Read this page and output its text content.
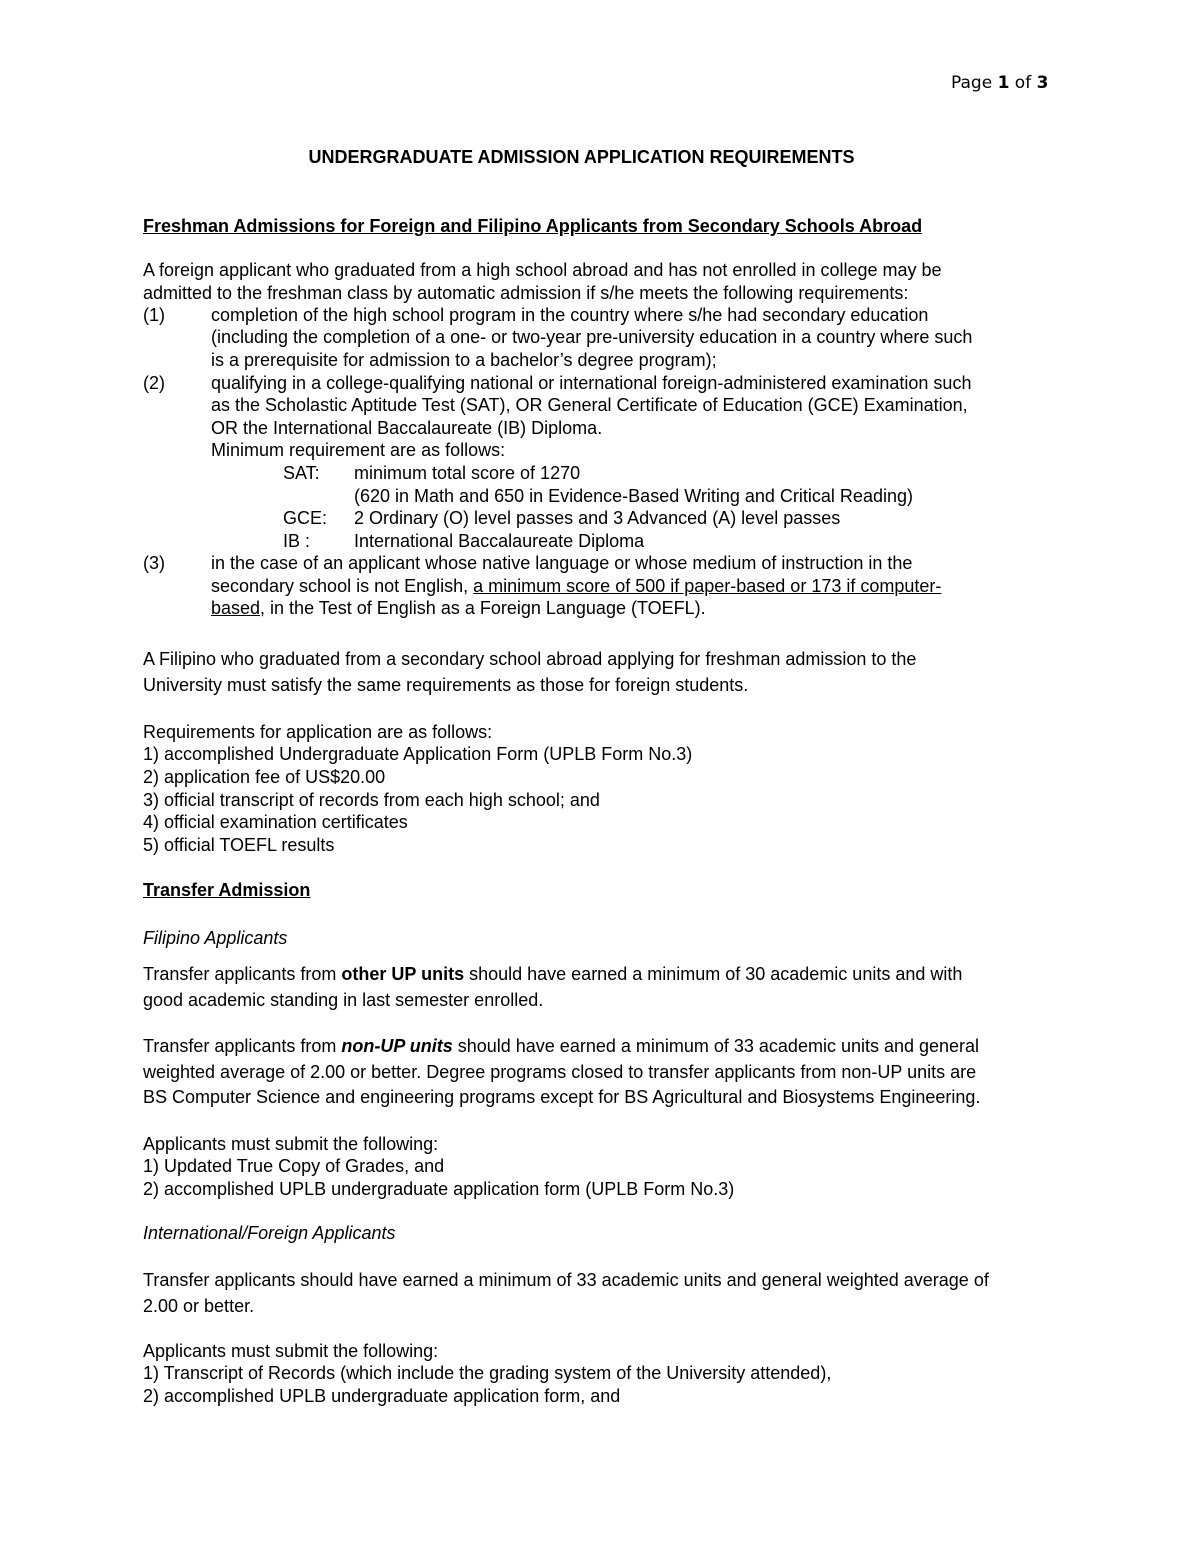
Page 1 of 3
UNDERGRADUATE ADMISSION APPLICATION REQUIREMENTS
Freshman Admissions for Foreign and Filipino Applicants from Secondary Schools Abroad
A foreign applicant who graduated from a high school abroad and has not enrolled in college may be
admitted to the freshman class by automatic admission if s/he meets the following requirements:
(1)	completion of the high school program in the country where s/he had secondary education
(including the completion of a one- or two-year pre-university education in a country where such
is a prerequisite for admission to a bachelor’s degree program);
(2)	qualifying in a college-qualifying national or international foreign-administered examination such
as the Scholastic Aptitude Test (SAT), OR General Certificate of Education (GCE) Examination,
OR the International Baccalaureate (IB) Diploma.
Minimum requirement are as follows:
SAT: minimum total score of 1270
(620 in Math and 650 in Evidence-Based Writing and Critical Reading)
GCE: 2 Ordinary (O) level passes and 3 Advanced (A) level passes
IB : International Baccalaureate Diploma
(3)	in the case of an applicant whose native language or whose medium of instruction in the
secondary school is not English, a minimum score of 500 if paper-based or 173 if computer-
based, in the Test of English as a Foreign Language (TOEFL).
A Filipino who graduated from a secondary school abroad applying for freshman admission to the
University must satisfy the same requirements as those for foreign students.
Requirements for application are as follows:
1) accomplished Undergraduate Application Form (UPLB Form No.3)
2) application fee of US$20.00
3) official transcript of records from each high school; and
4) official examination certificates
5) official TOEFL results
Transfer Admission
Filipino Applicants
Transfer applicants from other UP units should have earned a minimum of 30 academic units and with
good academic standing in last semester enrolled.
Transfer applicants from non-UP units should have earned a minimum of 33 academic units and general
weighted average of 2.00 or better. Degree programs closed to transfer applicants from non-UP units are
BS Computer Science and engineering programs except for BS Agricultural and Biosystems Engineering.
Applicants must submit the following:
1) Updated True Copy of Grades, and
2) accomplished UPLB undergraduate application form (UPLB Form No.3)
International/Foreign Applicants
Transfer applicants should have earned a minimum of 33 academic units and general weighted average of
2.00 or better.
Applicants must submit the following:
1) Transcript of Records (which include the grading system of the University attended),
2) accomplished UPLB undergraduate application form, and
